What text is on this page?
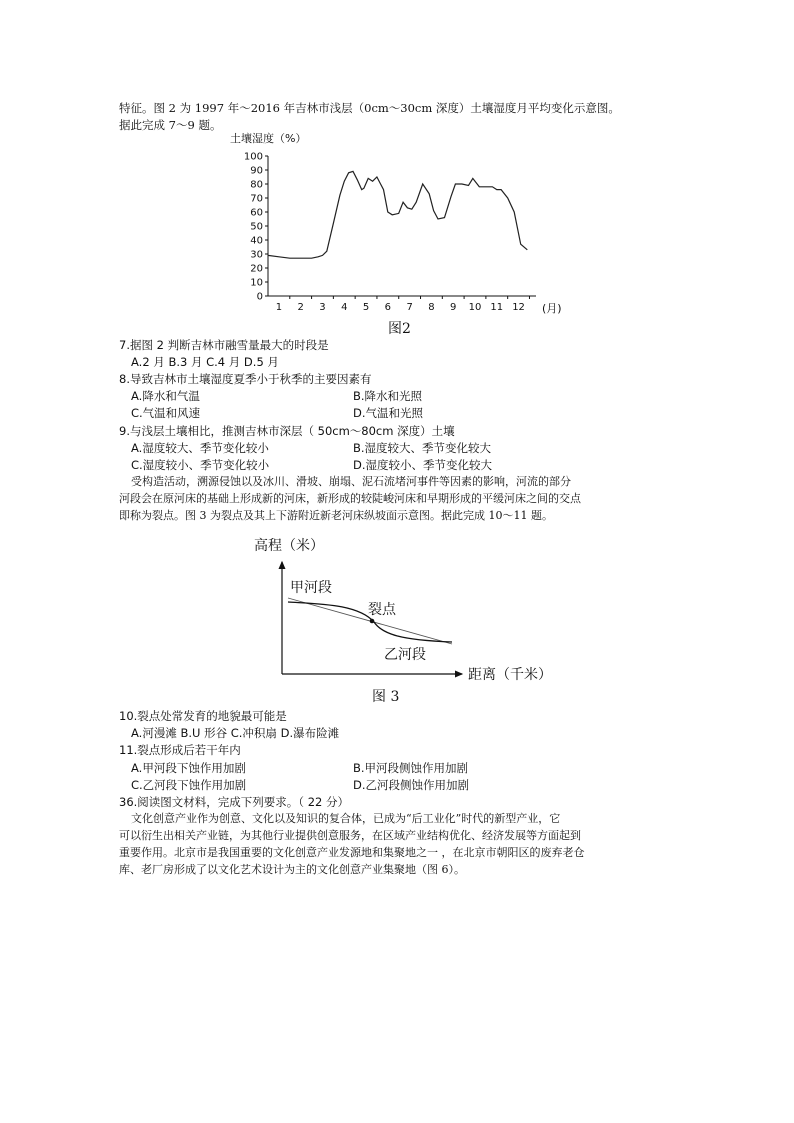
特征。图 2 为 1997 年～2016 年吉林市浅层（0cm～30cm 深度）土壤湿度月平均变化示意图。
据此完成 7～9 题。
土壤湿度（%）
0
10
20
30
40
50
60
70
80
90
100
1 2 3 4 5 6 7 8 9 10 11 12 (月)
图2
7.据图 2 判断吉林市融雪量最大的时段是
A.2 月 B.3 月 C.4 月 D.5 月
8.导致吉林市土壤湿度夏季小于秋季的主要因素有
A.降水和气温	B.降水和光照
C.气温和风速	D.气温和光照
9.与浅层土壤相比，推测吉林市深层（ 50cm～80cm 深度）土壤
A.湿度较大、季节变化较小	B.湿度较大、季节变化较大
C.湿度较小、季节变化较小	D.湿度较小、季节变化较大
受构造活动，溯源侵蚀以及冰川、滑坡、崩塌、泥石流堵河事件等因素的影响，河流的部分
河段会在原河床的基础上形成新的河床，新形成的较陡峻河床和早期形成的平缓河床之间的交点
即称为裂点。图 3 为裂点及其上下游附近新老河床纵坡面示意图。据此完成 10～11 题。
高程（米）
距离（千米）
甲河段
裂点
乙河段
图 3
10.裂点处常发育的地貌最可能是
A.河漫滩 B.U 形谷 C.冲积扇 D.瀑布险滩
11.裂点形成后若干年内
A.甲河段下蚀作用加剧	B.甲河段侧蚀作用加剧
C.乙河段下蚀作用加剧	D.乙河段侧蚀作用加剧
36.阅读图文材料，完成下列要求。（ 22 分）
文化创意产业作为创意、文化以及知识的复合体，已成为“后工业化”时代的新型产业，它
可以衍生出相关产业链，为其他行业提供创意服务，在区域产业结构优化、经济发展等方面起到
重要作用。北京市是我国重要的文化创意产业发源地和集聚地之一 ，在北京市朝阳区的废弃老仓
库、老厂房形成了以文化艺术设计为主的文化创意产业集聚地（图 6）。
